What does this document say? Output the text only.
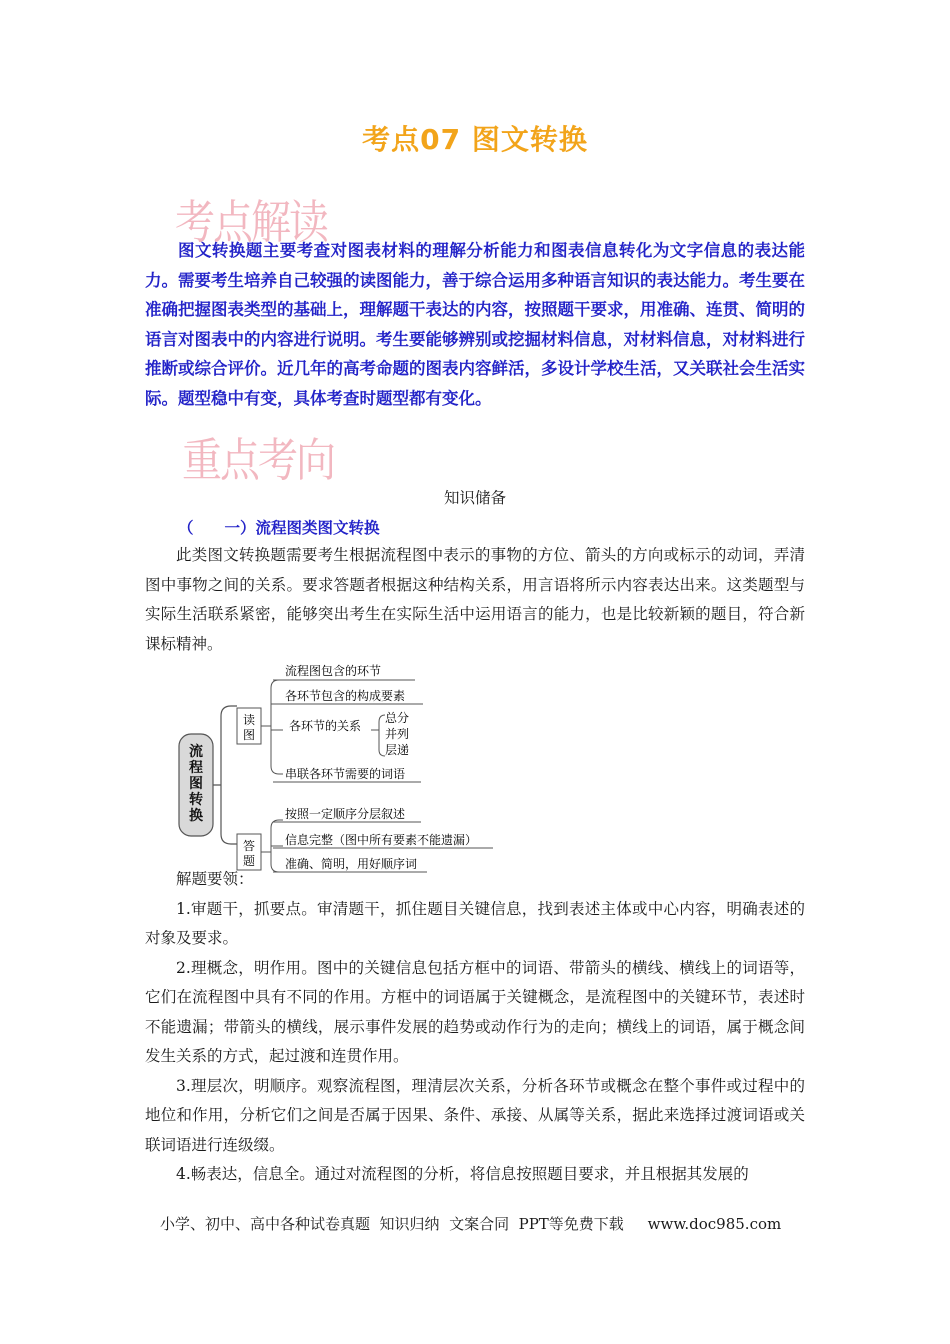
考点07 图文转换
考点解读

图文转换题主要考查对图表材料的理解分析能力和图表信息转化为文字信息的表达能力。需要考生培养自己较强的读图能力，善于综合运用多种语言知识的表达能力。考生要在准确把握图表类型的基础上，理解题干表达的内容，按照题干要求，用准确、连贯、简明的语言对图表中的内容进行说明。考生要能够辨别或挖掘材料信息，对材料信息，对材料进行推断或综合评价。近几年的高考命题的图表内容鲜活，多设计学校生活，又关联社会生活实际。题型稳中有变，具体考查时题型都有变化。

重点考向
知识储备
（　　一）流程图类图文转换

此类图文转换题需要考生根据流程图中表示的事物的方位、箭头的方向或标示的动词，弄清图中事物之间的关系。要求答题者根据这种结构关系，用言语将所示内容表达出来。这类题型与实际生活联系紧密，能够突出考生在实际生活中运用语言的能力，也是比较新颖的题目，符合新课标精神。

流
程
图
转
换
读
图
流程图包含的环节
各环节包含的构成要素
各环节的关系
总分
并列
层递
串联各环节需要的词语
答
题
按照一定顺序分层叙述
信息完整（图中所有要素不能遗漏）
准确、简明，用好顺序词
解题要领：

1.审题干，抓要点。审清题干，抓住题目关键信息，找到表述主体或中心内容，明确表述的对象及要求。

2.理概念，明作用。图中的关键信息包括方框中的词语、带箭头的横线、横线上的词语等，它们在流程图中具有不同的作用。方框中的词语属于关键概念，是流程图中的关键环节，表述时不能遗漏；带箭头的横线，展示事件发展的趋势或动作行为的走向；横线上的词语，属于概念间发生关系的方式，起过渡和连贯作用。

3.理层次，明顺序。观察流程图，理清层次关系，分析各环节或概念在整个事件或过程中的地位和作用，分析它们之间是否属于因果、条件、承接、从属等关系，据此来选择过渡词语或关联词语进行连级缀。

4.畅表达，信息全。通过对流程图的分析，将信息按照题目要求，并且根据其发展的

小学、初中、高中各种试卷真题  知识归纳  文案合同  PPT等免费下载     www.doc985.com
